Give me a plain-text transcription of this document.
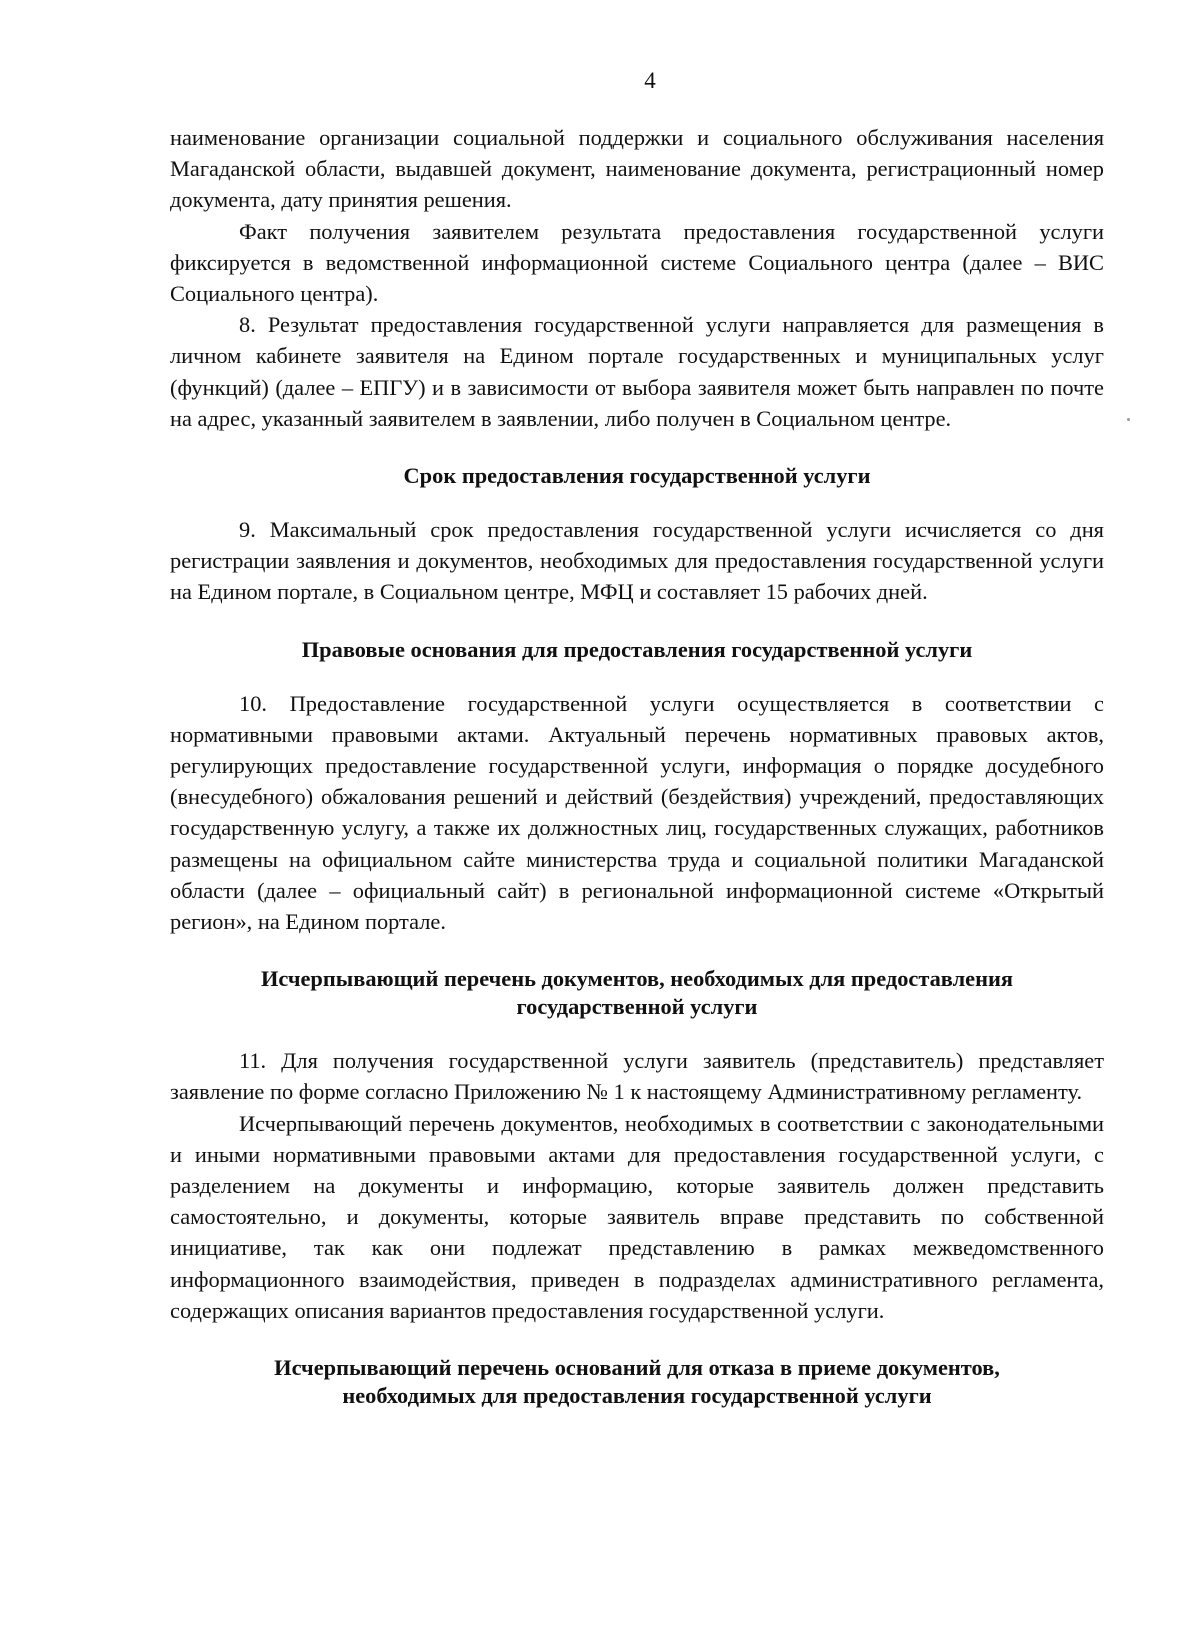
4

наименование организации социальной поддержки и социального обслуживания населения Магаданской области, выдавшей документ, наименование документа, регистрационный номер документа, дату принятия решения.

Факт получения заявителем результата предоставления государственной услуги фиксируется в ведомственной информационной системе Социального центра (далее – ВИС Социального центра).

8. Результат предоставления государственной услуги направляется для размещения в личном кабинете заявителя на Едином портале государственных и муниципальных услуг (функций) (далее – ЕПГУ) и в зависимости от выбора заявителя может быть направлен по почте на адрес, указанный заявителем в заявлении, либо получен в Социальном центре.

Срок предоставления государственной услуги

9. Максимальный срок предоставления государственной услуги исчисляется со дня регистрации заявления и документов, необходимых для предоставления государственной услуги на Едином портале, в Социальном центре, МФЦ и составляет 15 рабочих дней.

Правовые основания для предоставления государственной услуги

10. Предоставление государственной услуги осуществляется в соответствии с нормативными правовыми актами. Актуальный перечень нормативных правовых актов, регулирующих предоставление государственной услуги, информация о порядке досудебного (внесудебного) обжалования решений и действий (бездействия) учреждений, предоставляющих государственную услугу, а также их должностных лиц, государственных служащих, работников размещены на официальном сайте министерства труда и социальной политики Магаданской области (далее – официальный сайт) в региональной информационной системе «Открытый регион», на Едином портале.

Исчерпывающий перечень документов, необходимых для предоставления
государственной услуги

11. Для получения государственной услуги заявитель (представитель) представляет заявление по форме согласно Приложению № 1 к настоящему Административному регламенту.

Исчерпывающий перечень документов, необходимых в соответствии с законодательными и иными нормативными правовыми актами для предоставления государственной услуги, с разделением на документы и информацию, которые заявитель должен представить самостоятельно, и документы, которые заявитель вправе представить по собственной инициативе, так как они подлежат представлению в рамках межведомственного информационного взаимодействия, приведен в подразделах административного регламента, содержащих описания вариантов предоставления государственной услуги.

Исчерпывающий перечень оснований для отказа в приеме документов,
необходимых для предоставления государственной услуги
